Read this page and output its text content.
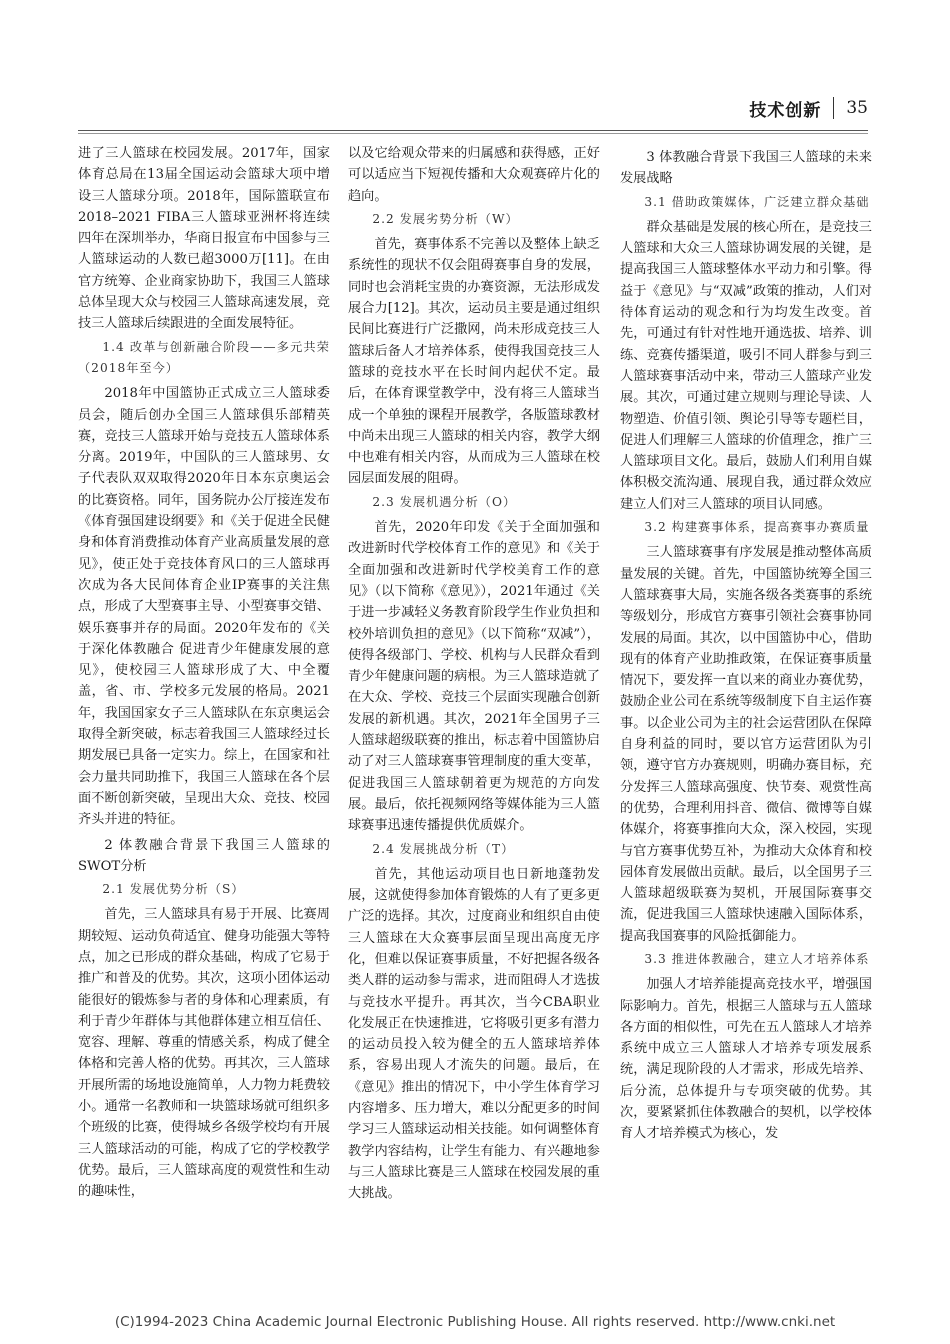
技术创新 35

进了三人篮球在校园发展。2017年，国家体育总局在13届全国运动会篮球大项中增设三人篮球分项。2018年，国际篮联宣布2018–2021 FIBA三人篮球亚洲杯将连续四年在深圳举办，华商日报宣布中国参与三人篮球运动的人数已超3000万[11]。在由官方统筹、企业商家协助下，我国三人篮球总体呈现大众与校园三人篮球高速发展，竞技三人篮球后续跟进的全面发展特征。

1.4 改革与创新融合阶段——多元共荣（2018年至今）

2018年中国篮协正式成立三人篮球委员会，随后创办全国三人篮球俱乐部精英赛，竞技三人篮球开始与竞技五人篮球体系分离。2019年，中国队的三人篮球男、女子代表队双双取得2020年日本东京奥运会的比赛资格。同年，国务院办公厅接连发布《体育强国建设纲要》和《关于促进全民健身和体育消费推动体育产业高质量发展的意见》，使正处于竞技体育风口的三人篮球再次成为各大民间体育企业IP赛事的关注焦点，形成了大型赛事主导、小型赛事交错、娱乐赛事并存的局面。2020年发布的《关于深化体教融合 促进青少年健康发展的意见》，使校园三人篮球形成了大、中全覆盖，省、市、学校多元发展的格局。2021年，我国国家女子三人篮球队在东京奥运会取得全新突破，标志着我国三人篮球经过长期发展已具备一定实力。综上，在国家和社会力量共同助推下，我国三人篮球在各个层面不断创新突破，呈现出大众、竞技、校园齐头并进的特征。

2 体教融合背景下我国三人篮球的SWOT分析
2.1 发展优势分析（S）

首先，三人篮球具有易于开展、比赛周期较短、运动负荷适宜、健身功能强大等特点，加之已形成的群众基础，构成了它易于推广和普及的优势。其次，这项小团体运动能很好的锻炼参与者的身体和心理素质，有利于青少年群体与其他群体建立相互信任、宽容、理解、尊重的情感关系，构成了健全体格和完善人格的优势。再其次，三人篮球开展所需的场地设施简单，人力物力耗费较小。通常一名教师和一块篮球场就可组织多个班级的比赛，使得城乡各级学校均有开展三人篮球活动的可能，构成了它的学校教学优势。最后，三人篮球高度的观赏性和生动的趣味性，

以及它给观众带来的归属感和获得感，正好可以适应当下短视传播和大众观赛碎片化的趋向。

2.2 发展劣势分析（W）

首先，赛事体系不完善以及整体上缺乏系统性的现状不仅会阻碍赛事自身的发展，同时也会消耗宝贵的办赛资源，无法形成发展合力[12]。其次，运动员主要是通过组织民间比赛进行广泛撒网，尚未形成竞技三人篮球后备人才培养体系，使得我国竞技三人篮球的竞技水平在长时间内起伏不定。最后，在体育课堂教学中，没有将三人篮球当成一个单独的课程开展教学，各版篮球教材中尚未出现三人篮球的相关内容，教学大纲中也难有相关内容，从而成为三人篮球在校园层面发展的阻碍。

2.3 发展机遇分析（O）

首先，2020年印发《关于全面加强和改进新时代学校体育工作的意见》和《关于全面加强和改进新时代学校美育工作的意见》（以下简称《意见》），2021年通过《关于进一步减轻义务教育阶段学生作业负担和校外培训负担的意见》（以下简称“双减”），使得各级部门、学校、机构与人民群众看到青少年健康问题的病根。为三人篮球造就了在大众、学校、竞技三个层面实现融合创新发展的新机遇。其次，2021年全国男子三人篮球超级联赛的推出，标志着中国篮协启动了对三人篮球赛事管理制度的重大变革，促进我国三人篮球朝着更为规范的方向发展。最后，依托视频网络等媒体能为三人篮球赛事迅速传播提供优质媒介。

2.4 发展挑战分析（T）

首先，其他运动项目也日新地蓬勃发展，这就使得参加体育锻炼的人有了更多更广泛的选择。其次，过度商业和组织自由使三人篮球在大众赛事层面呈现出高度无序化，但难以保证赛事质量，不好把握各级各类人群的运动参与需求，进而阻碍人才选拔与竞技水平提升。再其次，当今CBA职业化发展正在快速推进，它将吸引更多有潜力的运动员投入较为健全的五人篮球培养体系，容易出现人才流失的问题。最后，在《意见》推出的情况下，中小学生体育学习内容增多、压力增大，难以分配更多的时间学习三人篮球运动相关技能。如何调整体育教学内容结构，让学生有能力、有兴趣地参与三人篮球比赛是三人篮球在校园发展的重大挑战。

3 体教融合背景下我国三人篮球的未来发展战略
3.1 借助政策媒体，广泛建立群众基础

群众基础是发展的核心所在，是竞技三人篮球和大众三人篮球协调发展的关键，是提高我国三人篮球整体水平动力和引擎。得益于《意见》与“双减”政策的推动，人们对待体育运动的观念和行为均发生改变。首先，可通过有针对性地开通选拔、培养、训练、竞赛传播渠道，吸引不同人群参与到三人篮球赛事活动中来，带动三人篮球产业发展。其次，可通过建立规则与理论导读、人物塑造、价值引领、舆论引导等专题栏目，促进人们理解三人篮球的价值理念，推广三人篮球项目文化。最后，鼓励人们利用自媒体积极交流沟通、展现自我，通过群众效应建立人们对三人篮球的项目认同感。

3.2 构建赛事体系，提高赛事办赛质量

三人篮球赛事有序发展是推动整体高质量发展的关键。首先，中国篮协统筹全国三人篮球赛事大局，实施各级各类赛事的系统等级划分，形成官方赛事引领社会赛事协同发展的局面。其次，以中国篮协中心，借助现有的体育产业助推政策，在保证赛事质量情况下，要发挥一直以来的商业办赛优势，鼓励企业公司在系统等级制度下自主运作赛事。以企业公司为主的社会运营团队在保障自身利益的同时，要以官方运营团队为引领，遵守官方办赛规则，明确办赛目标，充分发挥三人篮球高强度、快节奏、观赏性高的优势，合理利用抖音、微信、微博等自媒体媒介，将赛事推向大众，深入校园，实现与官方赛事优势互补，为推动大众体育和校园体育发展做出贡献。最后，以全国男子三人篮球超级联赛为契机，开展国际赛事交流，促进我国三人篮球快速融入国际体系，提高我国赛事的风险抵御能力。

3.3 推进体教融合，建立人才培养体系

加强人才培养能提高竞技水平，增强国际影响力。首先，根据三人篮球与五人篮球各方面的相似性，可先在五人篮球人才培养系统中成立三人篮球人才培养专项发展系统，满足现阶段的人才需求，形成先培养、后分流，总体提升与专项突破的优势。其次，要紧紧抓住体教融合的契机，以学校体育人才培养模式为核心，发

(C)1994-2023 China Academic Journal Electronic Publishing House. All rights reserved. http://www.cnki.net
